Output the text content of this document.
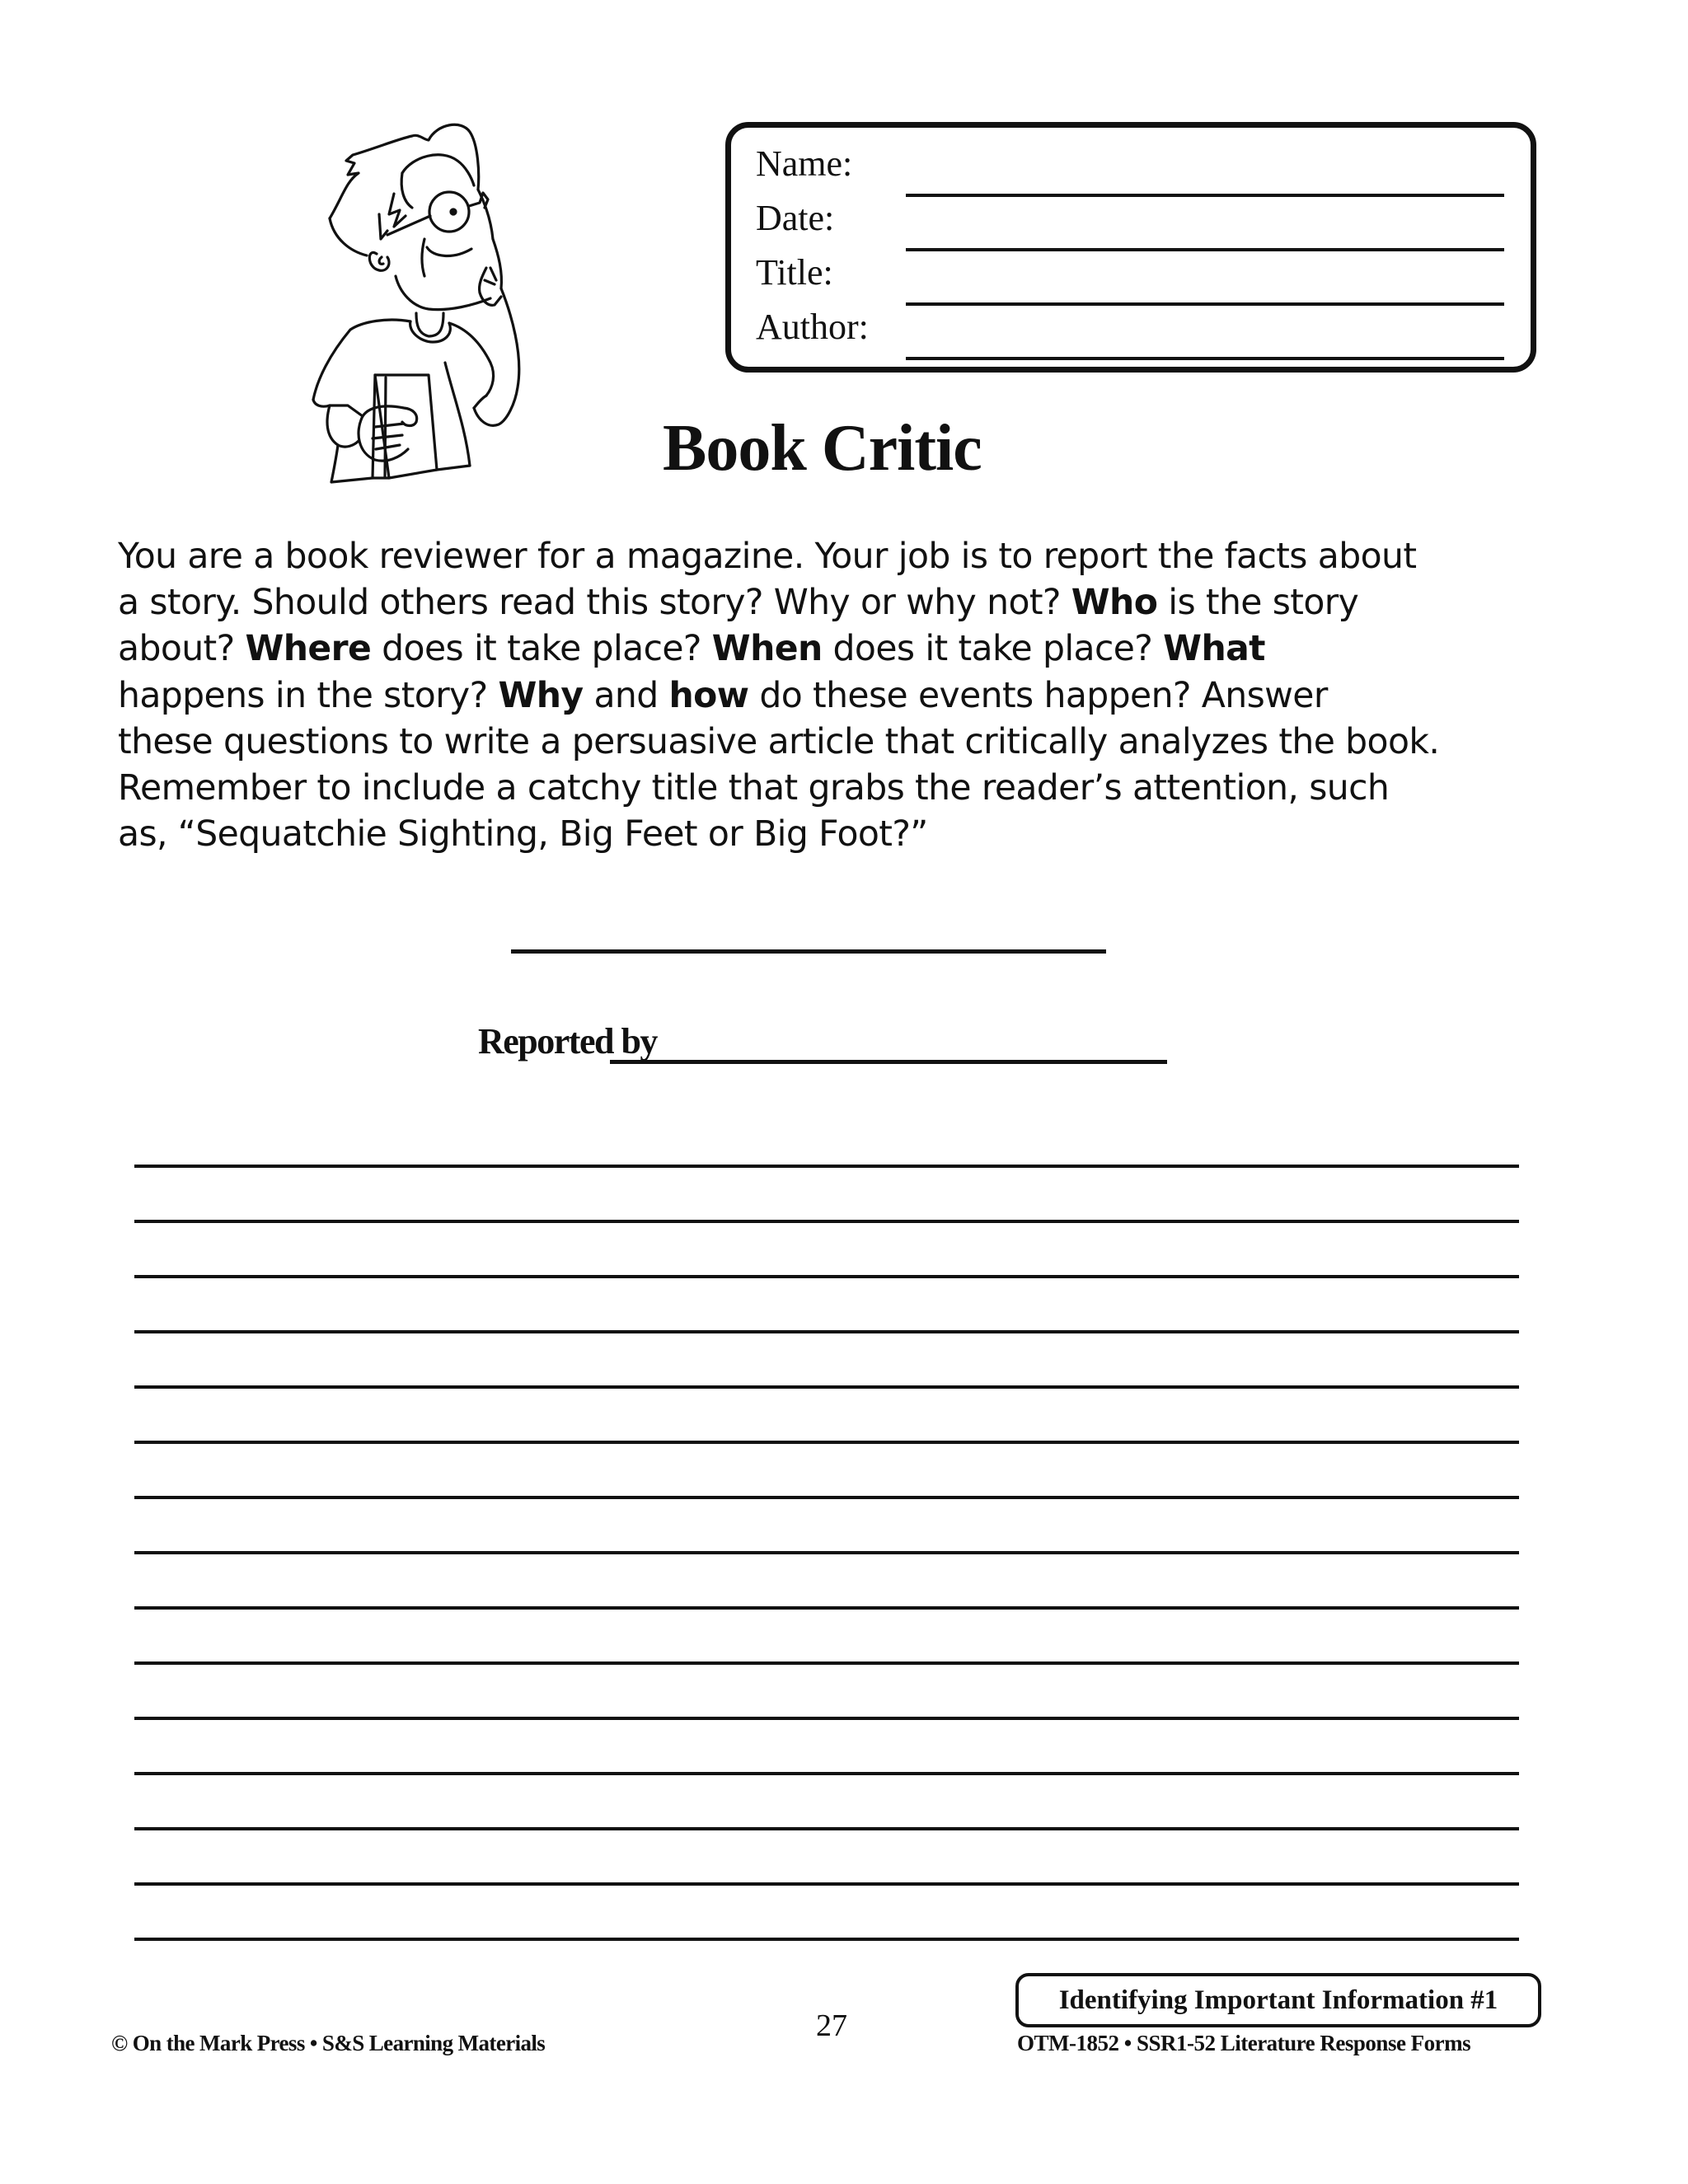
Name:
Date:
Title:
Author:
Book Critic

You are a book reviewer for a magazine. Your job is to report the facts about
a story. Should others read this story? Why or why not? Who is the story
about? Where does it take place? When does it take place? What
happens in the story? Why and how do these events happen? Answer
these questions to write a persuasive article that critically analyzes the book.
Remember to include a catchy title that grabs the reader’s attention, such
as, “Sequatchie Sighting, Big Feet or Big Foot?”

Reported by
Identifying Important Information #1
© On the Mark Press • S&S Learning Materials	27	OTM-1852 • SSR1-52 Literature Response Forms
